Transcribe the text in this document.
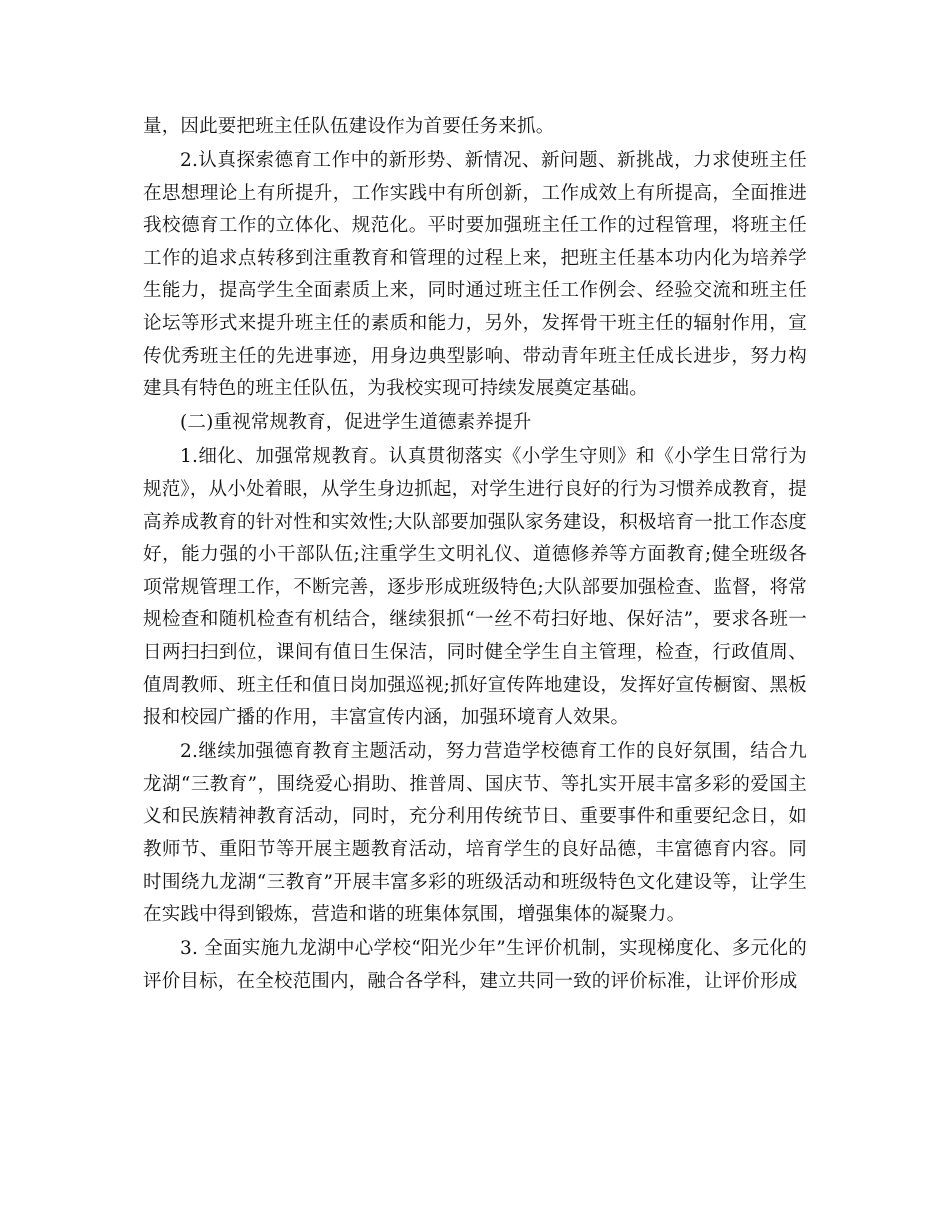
量，因此要把班主任队伍建设作为首要任务来抓。

2.认真探索德育工作中的新形势、新情况、新问题、新挑战，力求使班主任在思想理论上有所提升，工作实践中有所创新，工作成效上有所提高，全面推进我校德育工作的立体化、规范化。平时要加强班主任工作的过程管理，将班主任工作的追求点转移到注重教育和管理的过程上来，把班主任基本功内化为培养学生能力，提高学生全面素质上来，同时通过班主任工作例会、经验交流和班主任论坛等形式来提升班主任的素质和能力，另外，发挥骨干班主任的辐射作用，宣传优秀班主任的先进事迹，用身边典型影响、带动青年班主任成长进步，努力构建具有特色的班主任队伍，为我校实现可持续发展奠定基础。

(二)重视常规教育，促进学生道德素养提升

1.细化、加强常规教育。认真贯彻落实《小学生守则》和《小学生日常行为规范》，从小处着眼，从学生身边抓起，对学生进行良好的行为习惯养成教育，提高养成教育的针对性和实效性;大队部要加强队家务建设，积极培育一批工作态度好，能力强的小干部队伍;注重学生文明礼仪、道德修养等方面教育;健全班级各项常规管理工作，不断完善，逐步形成班级特色;大队部要加强检查、监督，将常规检查和随机检查有机结合，继续狠抓“一丝不苟扫好地、保好洁”，要求各班一日两扫扫到位，课间有值日生保洁，同时健全学生自主管理，检查，行政值周、值周教师、班主任和值日岗加强巡视;抓好宣传阵地建设，发挥好宣传橱窗、黑板报和校园广播的作用，丰富宣传内涵，加强环境育人效果。

2.继续加强德育教育主题活动，努力营造学校德育工作的良好氛围，结合九龙湖“三教育”，围绕爱心捐助、推普周、国庆节、等扎实开展丰富多彩的爱国主义和民族精神教育活动，同时，充分利用传统节日、重要事件和重要纪念日，如教师节、重阳节等开展主题教育活动，培育学生的良好品德，丰富德育内容。同时围绕九龙湖“三教育”开展丰富多彩的班级活动和班级特色文化建设等，让学生在实践中得到锻炼，营造和谐的班集体氛围，增强集体的凝聚力。

3. 全面实施九龙湖中心学校“阳光少年”生评价机制，实现梯度化、多元化的评价目标，在全校范围内，融合各学科，建立共同一致的评价标准，让评价形成
